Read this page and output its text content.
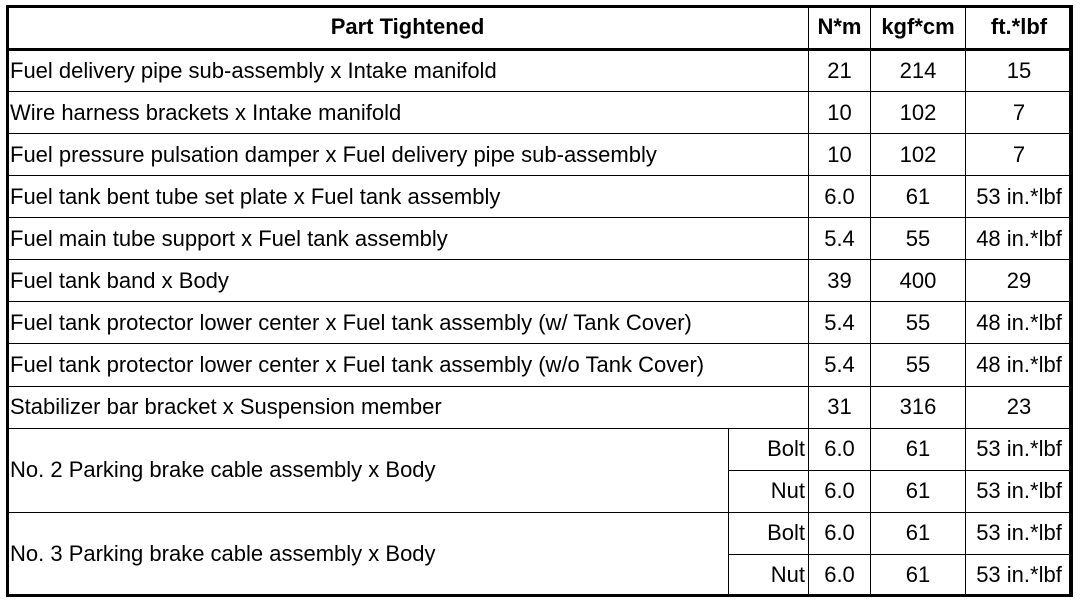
Part Tightened		N*m	kgf*cm	ft.*lbf
Fuel delivery pipe sub-assembly x Intake manifold		21	214	15
Wire harness brackets x Intake manifold		10	102	7
Fuel pressure pulsation damper x Fuel delivery pipe sub-assembly		10	102	7
Fuel tank bent tube set plate x Fuel tank assembly		6.0	61	53 in.*lbf
Fuel main tube support x Fuel tank assembly		5.4	55	48 in.*lbf
Fuel tank band x Body		39	400	29
Fuel tank protector lower center x Fuel tank assembly (w/ Tank Cover)		5.4	55	48 in.*lbf
Fuel tank protector lower center x Fuel tank assembly (w/o Tank Cover)		5.4	55	48 in.*lbf
Stabilizer bar bracket x Suspension member		31	316	23
No. 2 Parking brake cable assembly x Body	Bolt	6.0	61	53 in.*lbf
	Nut	6.0	61	53 in.*lbf
No. 3 Parking brake cable assembly x Body	Bolt	6.0	61	53 in.*lbf
	Nut	6.0	61	53 in.*lbf
